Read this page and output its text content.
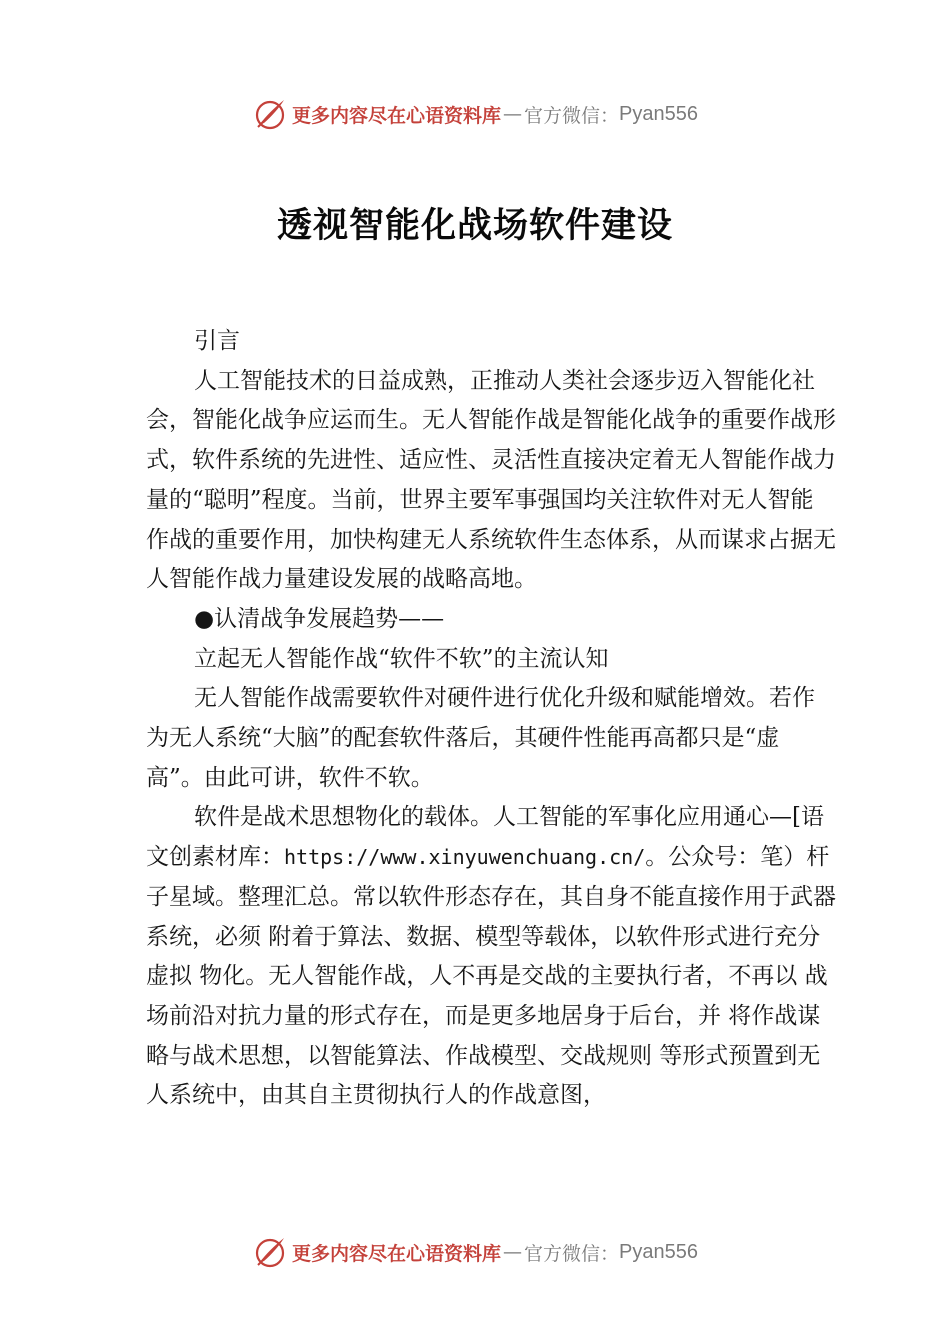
更多内容尽在心语资料库 — 官方微信： Pyan556
透视智能化战场软件建设

引言

人工智能技术的日益成熟，正推动人类社会逐步迈入智能化社会，智能化战争应运而生。无人智能作战是智能化战争的重要作战形式，软件系统的先进性、适应性、灵活性直接决定着无人智能作战力量的“聪明”程度。当前，世界主要军事强国均关注软件对无人智能作战的重要作用，加快构建无人系统软件生态体系，从而谋求占据无人智能作战力量建设发展的战略高地。

●认清战争发展趋势——

立起无人智能作战“软件不软”的主流认知

无人智能作战需要软件对硬件进行优化升级和赋能增效。若作为无人系统“大脑”的配套软件落后，其硬件性能再高都只是“虚高”。由此可讲，软件不软。

软件是战术思想物化的载体。人工智能的军事化应用通心—[语文创素材库：https://www.xinyuwenchuang.cn/。公众号：笔）杆子星域。整理汇总。常以软件形态存在，其自身不能直接作用于武器系统，必须 附着于算法、数据、模型等载体，以软件形式进行充分虚拟 物化。无人智能作战，人不再是交战的主要执行者，不再以 战场前沿对抗力量的形式存在，而是更多地居身于后台，并 将作战谋略与战术思想，以智能算法、作战模型、交战规则 等形式预置到无人系统中，由其自主贯彻执行人的作战意图，

更多内容尽在心语资料库 — 官方微信： Pyan556
